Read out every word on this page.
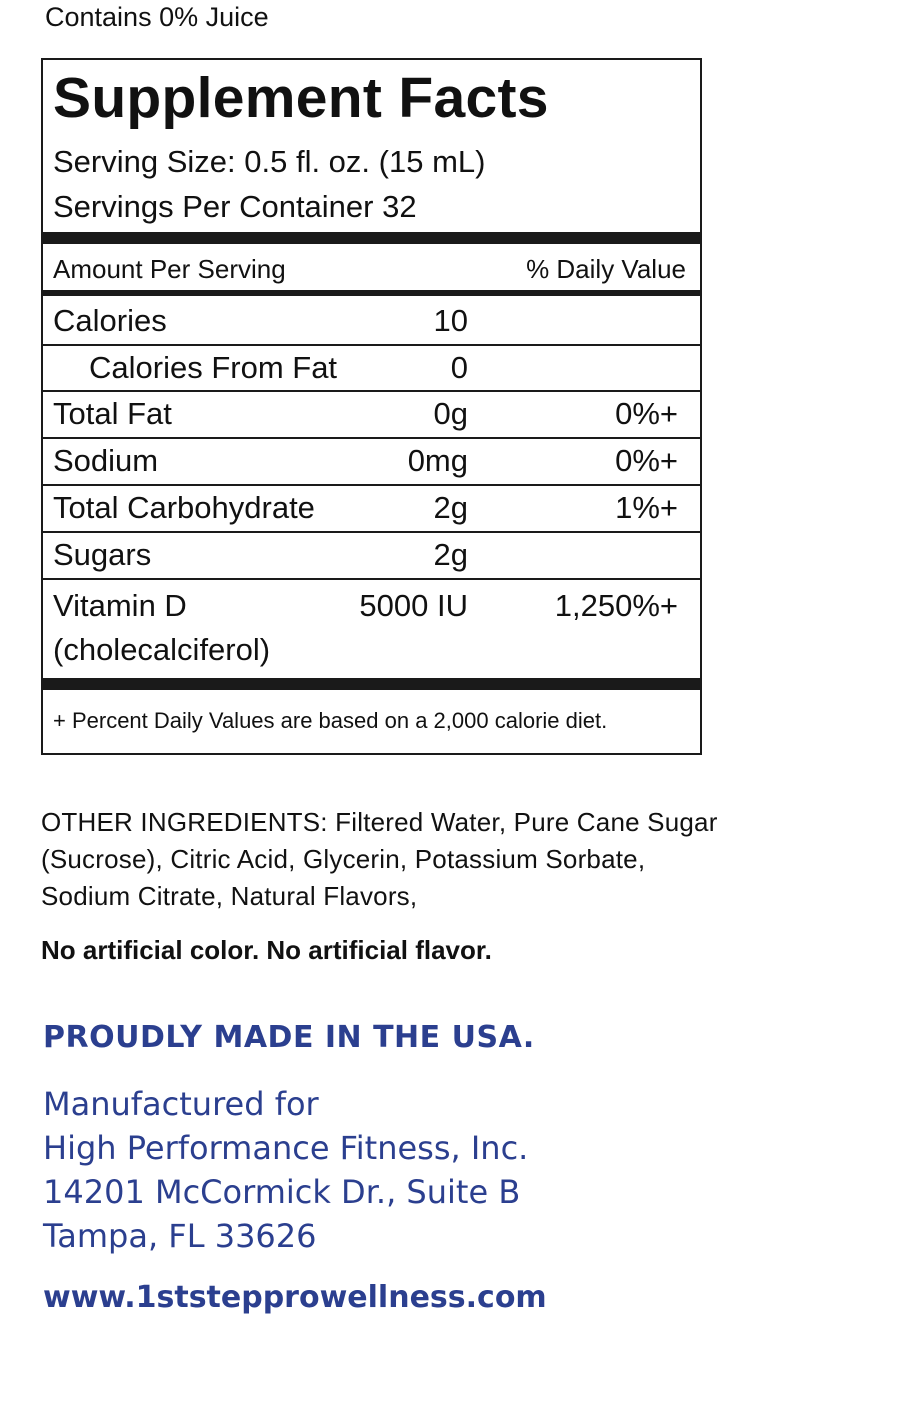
Contains 0% Juice
Supplement Facts
Serving Size: 0.5 fl. oz. (15 mL)
Servings Per Container 32
Amount Per Serving	% Daily Value
Calories	10
Calories From Fat	0
Total Fat	0g	0%+
Sodium	0mg	0%+
Total Carbohydrate	2g	1%+
Sugars	2g
Vitamin D
(cholecalciferol)
5000 IU	1,250%+
+ Percent Daily Values are based on a 2,000 calorie diet.
OTHER INGREDIENTS: Filtered Water, Pure Cane Sugar (Sucrose), Citric Acid, Glycerin, Potassium Sorbate, Sodium Citrate, Natural Flavors,
No artificial color. No artificial flavor.
PROUDLY MADE IN THE USA.
Manufactured for
High Performance Fitness, Inc.
14201 McCormick Dr., Suite B
Tampa, FL 33626
www.1ststepprowellness.com
